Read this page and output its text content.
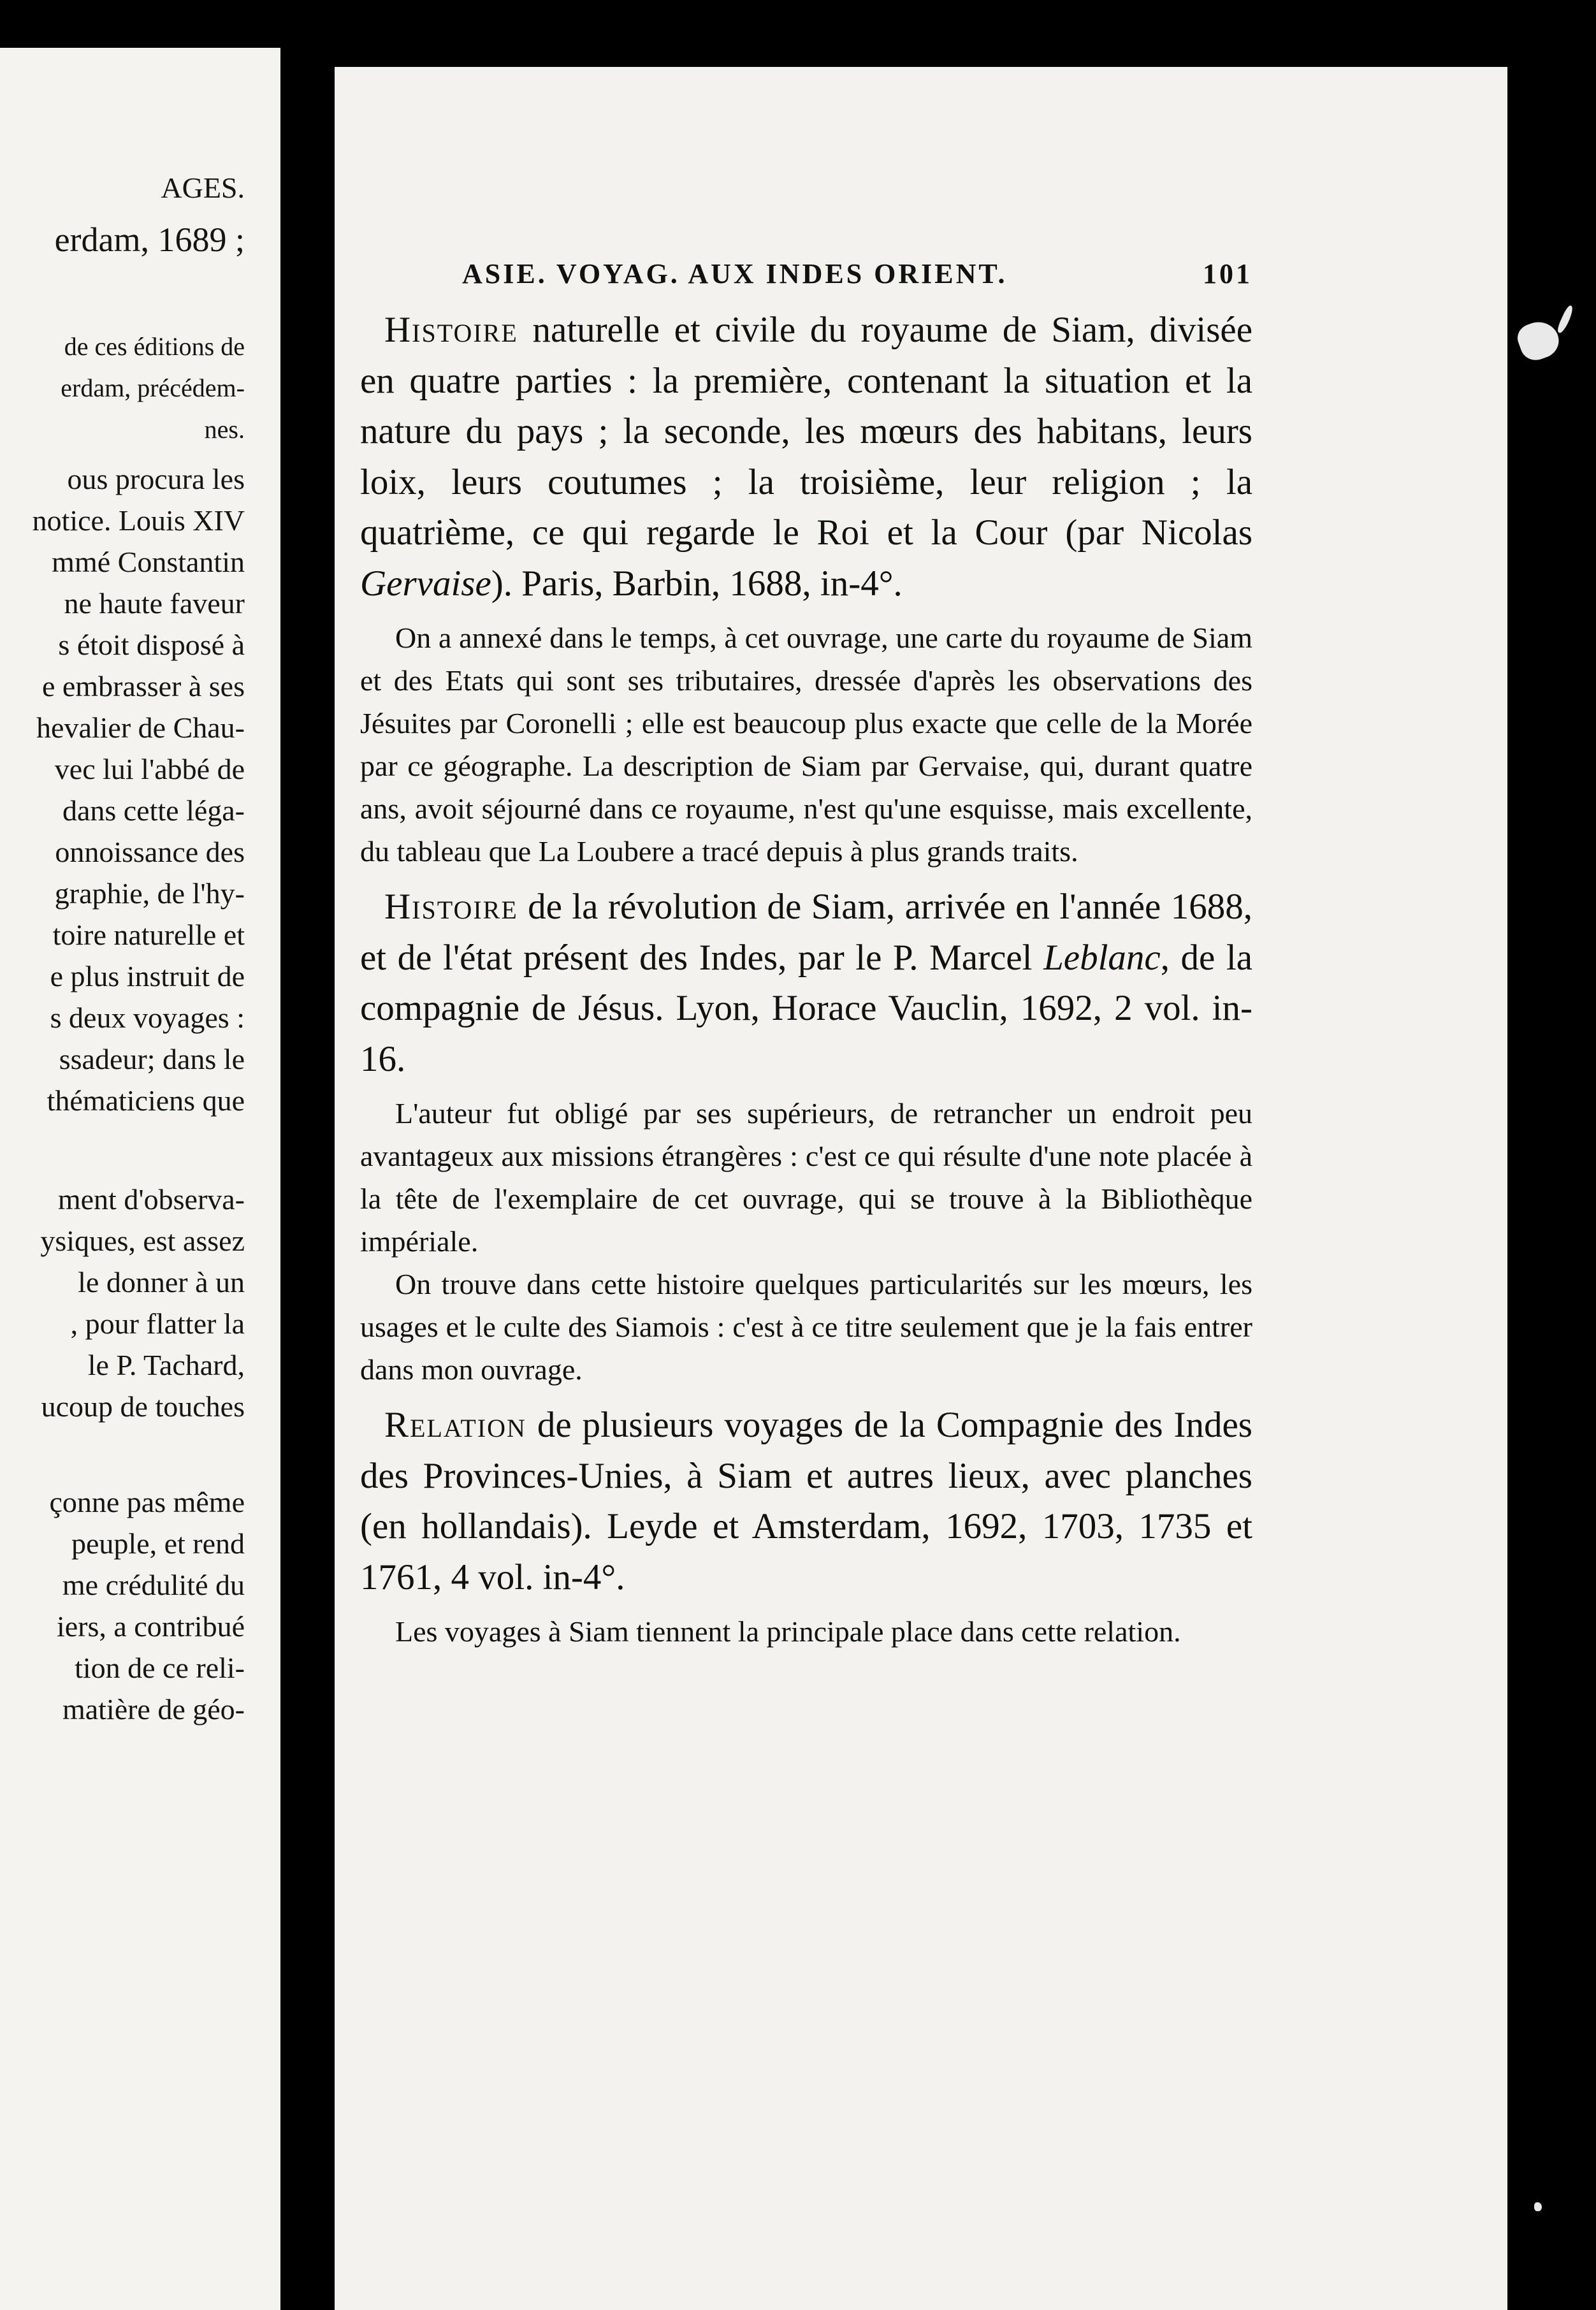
AGES.
erdam, 1689 ;
de ces éditions de
erdam, précédem-
nes.
ous procura les
notice. Louis XIV
mmé Constantin
ne haute faveur
s étoit disposé à
e embrasser à ses
hevalier de Chau-
vec lui l'abbé de
dans cette léga-
onnoissance des
graphie, de l'hy-
toire naturelle et
e plus instruit de
s deux voyages :
ssadeur; dans le
thématiciens que
ment d'observa-
ysiques, est assez
le donner à un
, pour flatter la
le P. Tachard,
ucoup de touches
çonne pas même
peuple, et rend
me crédulité du
iers, a contribué
tion de ce reli-
matière de géo-
ASIE. VOYAG. AUX INDES ORIENT.	101

Histoire naturelle et civile du royaume de Siam, divisée en quatre parties : la première, contenant la situation et la nature du pays ; la seconde, les mœurs des habitans, leurs loix, leurs coutumes ; la troisième, leur religion ; la quatrième, ce qui regarde le Roi et la Cour (par Nicolas Gervaise). Paris, Barbin, 1688, in-4°.

On a annexé dans le temps, à cet ouvrage, une carte du royaume de Siam et des Etats qui sont ses tributaires, dressée d'après les observations des Jésuites par Coronelli ; elle est beaucoup plus exacte que celle de la Morée par ce géographe. La description de Siam par Gervaise, qui, durant quatre ans, avoit séjourné dans ce royaume, n'est qu'une esquisse, mais excellente, du tableau que La Loubere a tracé depuis à plus grands traits.

Histoire de la révolution de Siam, arrivée en l'année 1688, et de l'état présent des Indes, par le P. Marcel Leblanc, de la compagnie de Jésus. Lyon, Horace Vauclin, 1692, 2 vol. in-16.

L'auteur fut obligé par ses supérieurs, de retrancher un endroit peu avantageux aux missions étrangères : c'est ce qui résulte d'une note placée à la tête de l'exemplaire de cet ouvrage, qui se trouve à la Bibliothèque impériale.

On trouve dans cette histoire quelques particularités sur les mœurs, les usages et le culte des Siamois : c'est à ce titre seulement que je la fais entrer dans mon ouvrage.

Relation de plusieurs voyages de la Compagnie des Indes des Provinces-Unies, à Siam et autres lieux, avec planches (en hollandais). Leyde et Amsterdam, 1692, 1703, 1735 et 1761, 4 vol. in-4°.

Les voyages à Siam tiennent la principale place dans cette relation.
